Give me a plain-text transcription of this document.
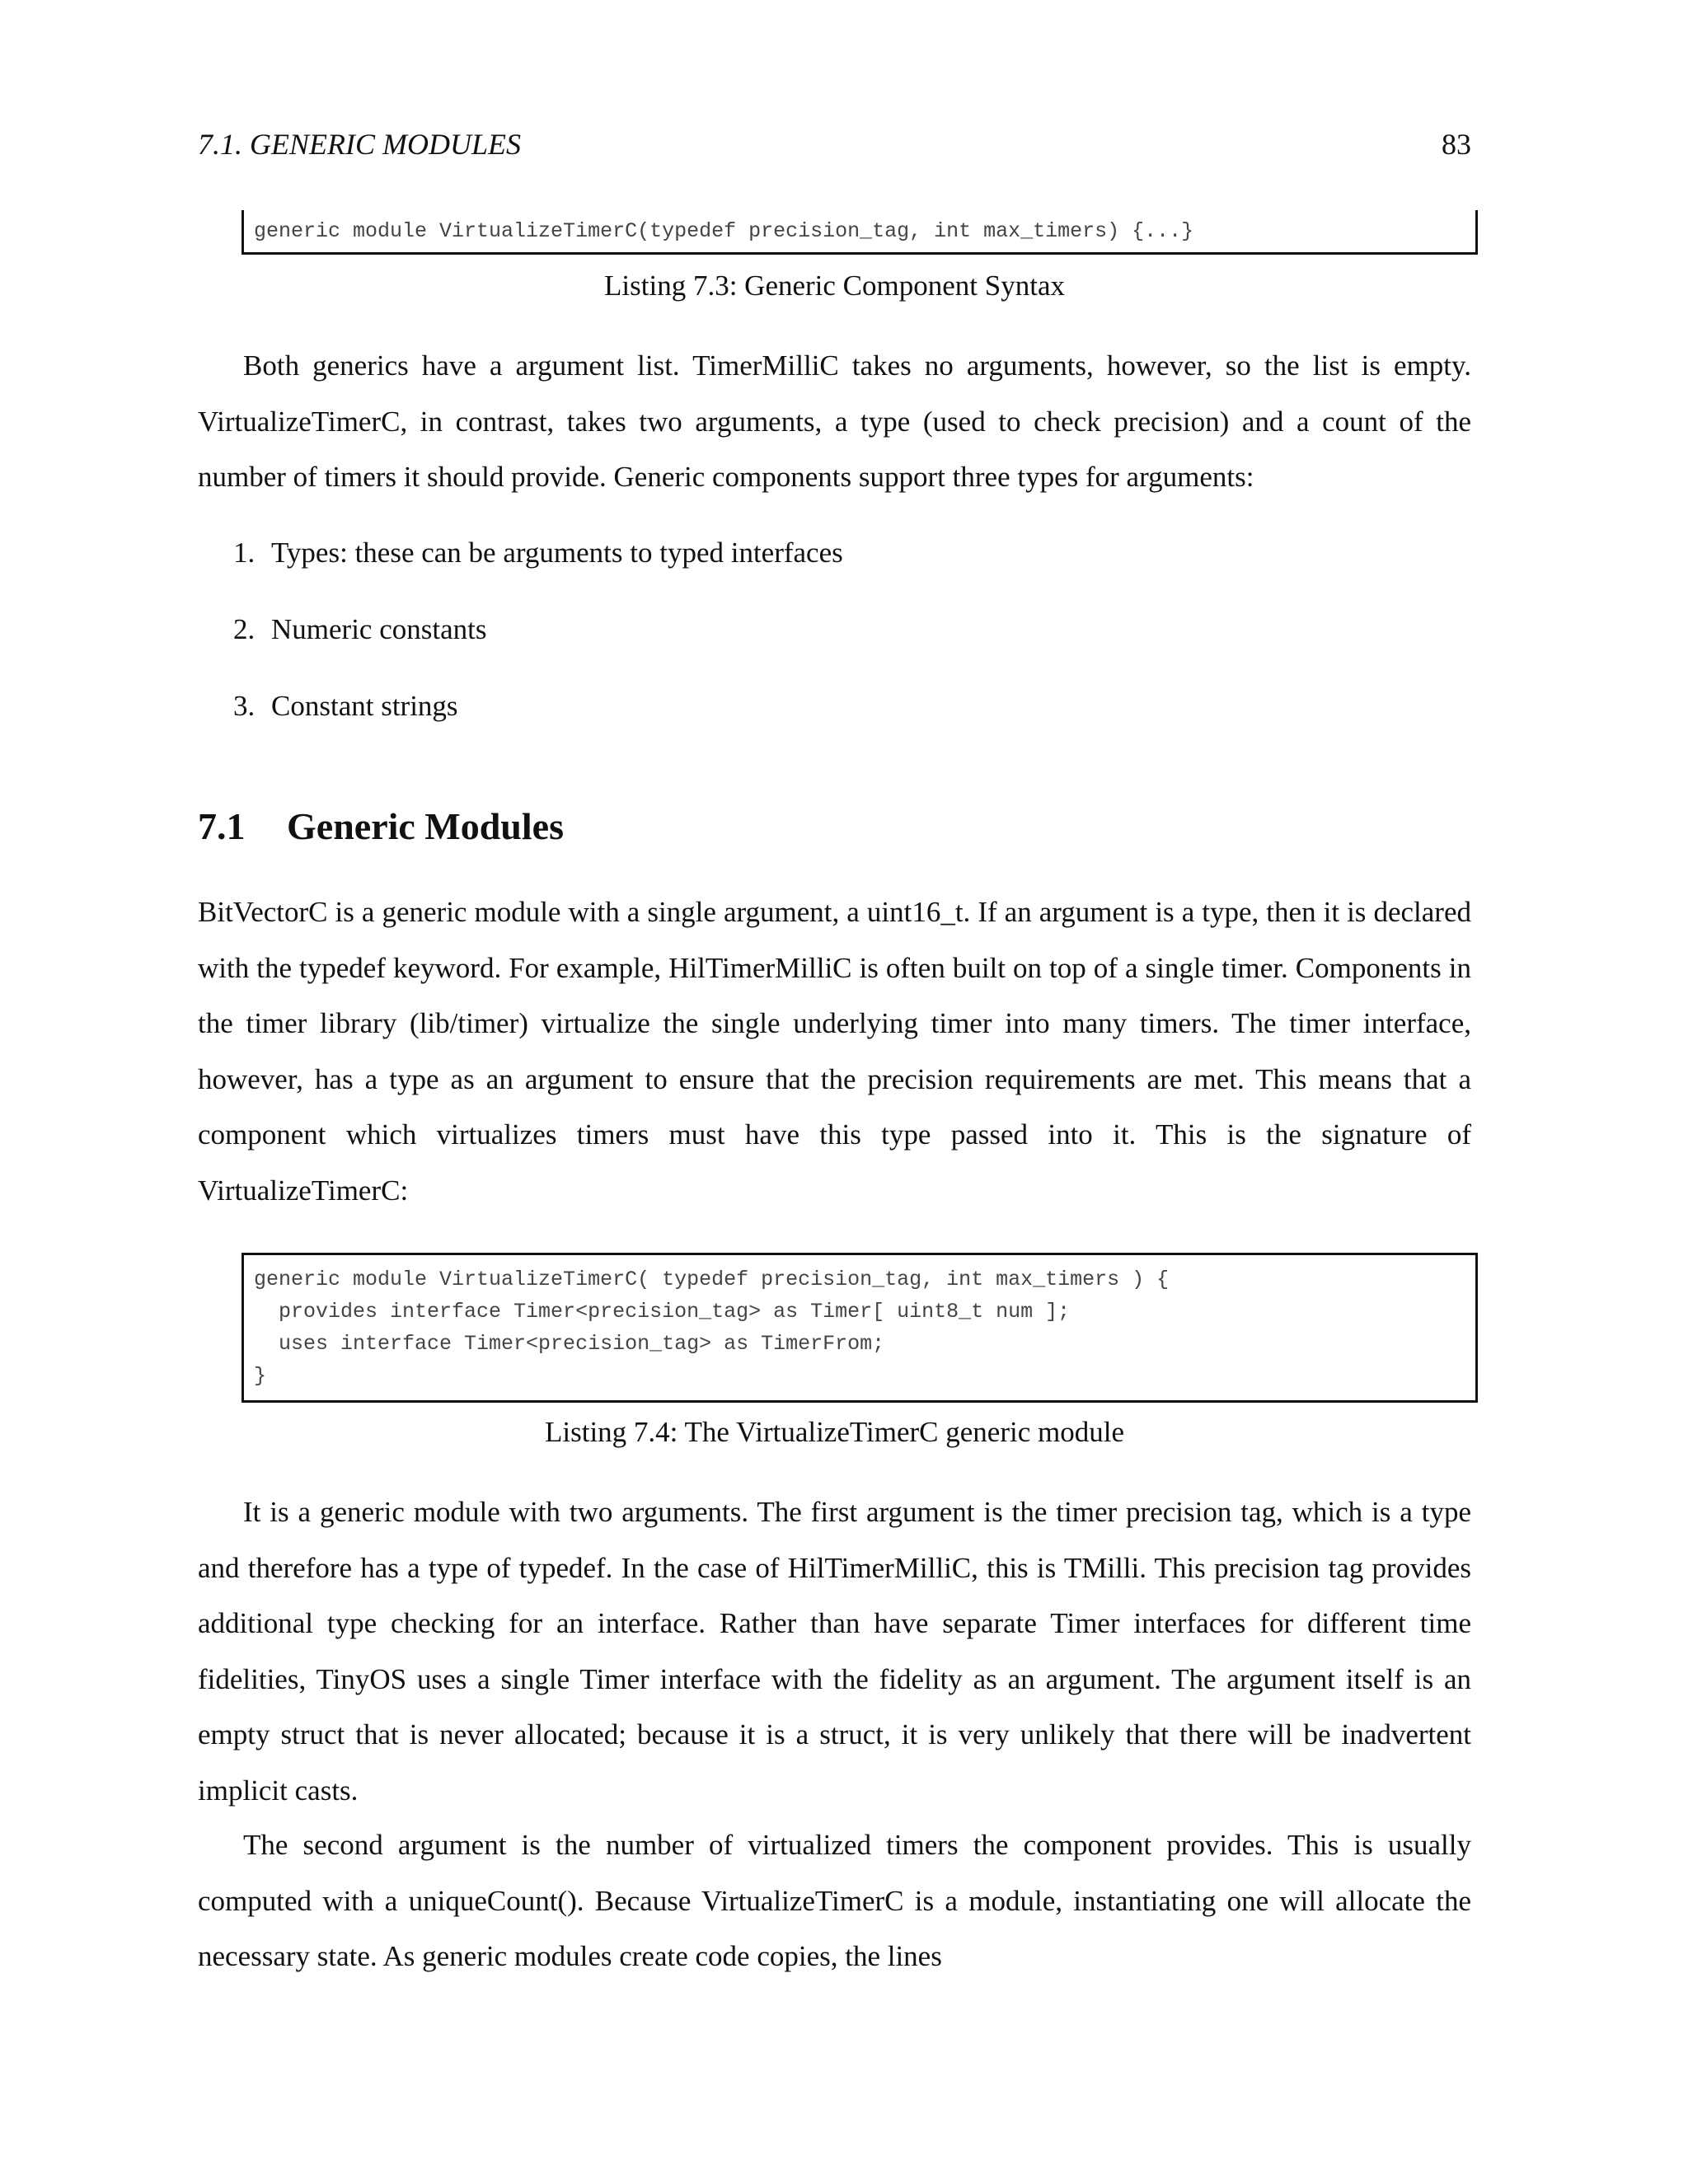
7.1. GENERIC MODULES	83
generic module VirtualizeTimerC(typedef precision_tag, int max_timers) {...}
Listing 7.3: Generic Component Syntax

Both generics have a argument list. TimerMilliC takes no arguments, however, so the list is empty. VirtualizeTimerC, in contrast, takes two arguments, a type (used to check precision) and a count of the number of timers it should provide. Generic components support three types for arguments:

1. Types: these can be arguments to typed interfaces
2. Numeric constants
3. Constant strings
7.1 Generic Modules

BitVectorC is a generic module with a single argument, a uint16_t. If an argument is a type, then it is declared with the typedef keyword. For example, HilTimerMilliC is often built on top of a single timer. Components in the timer library (lib/timer) virtualize the single underlying timer into many timers. The timer interface, however, has a type as an argument to ensure that the precision requirements are met. This means that a component which virtualizes timers must have this type passed into it. This is the signature of VirtualizeTimerC:

generic module VirtualizeTimerC( typedef precision_tag, int max_timers ) {
provides interface Timer<precision_tag> as Timer[ uint8_t num ];
uses interface Timer<precision_tag> as TimerFrom;
}
Listing 7.4: The VirtualizeTimerC generic module

It is a generic module with two arguments. The first argument is the timer precision tag, which is a type and therefore has a type of typedef. In the case of HilTimerMilliC, this is TMilli. This precision tag provides additional type checking for an interface. Rather than have separate Timer interfaces for different time fidelities, TinyOS uses a single Timer interface with the fidelity as an argument. The argument itself is an empty struct that is never allocated; because it is a struct, it is very unlikely that there will be inadvertent implicit casts.

The second argument is the number of virtualized timers the component provides. This is usually computed with a uniqueCount(). Because VirtualizeTimerC is a module, instantiating one will allocate the necessary state. As generic modules create code copies, the lines
